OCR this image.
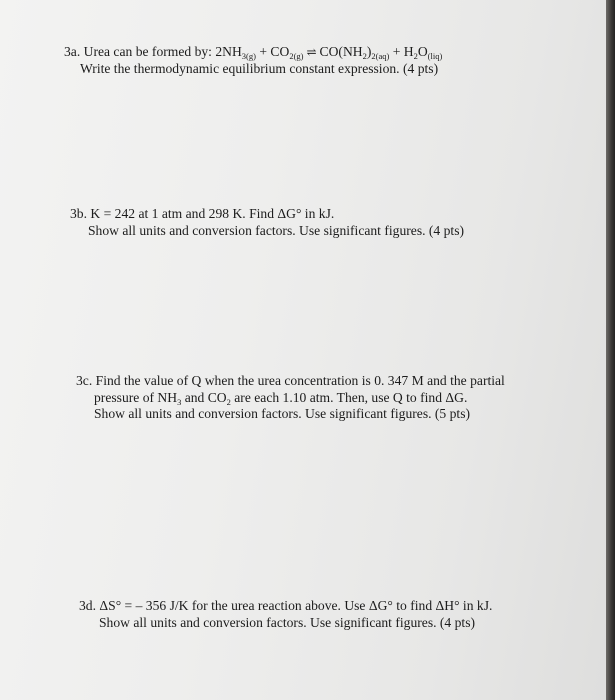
3a. Urea can be formed by: $2NH_{3(g)} + CO_{2(g)}$ ⇌ $CO(NH_2)_{2(aq)} + H_2O_{(liq)}$
Write the thermodynamic equilibrium constant expression. (4 pts)
3b. K = 242 at 1 atm and 298 K. Find ΔG° in kJ.
Show all units and conversion factors. Use significant figures. (4 pts)
3c. Find the value of Q when the urea concentration is 0. 347 M and the partial
pressure of $NH_3$ and $CO_2$ are each 1.10 atm. Then, use Q to find ΔG.
Show all units and conversion factors. Use significant figures. (5 pts)
3d. ΔS° = – 356 J/K for the urea reaction above. Use ΔG° to find ΔH° in kJ.
Show all units and conversion factors. Use significant figures. (4 pts)
